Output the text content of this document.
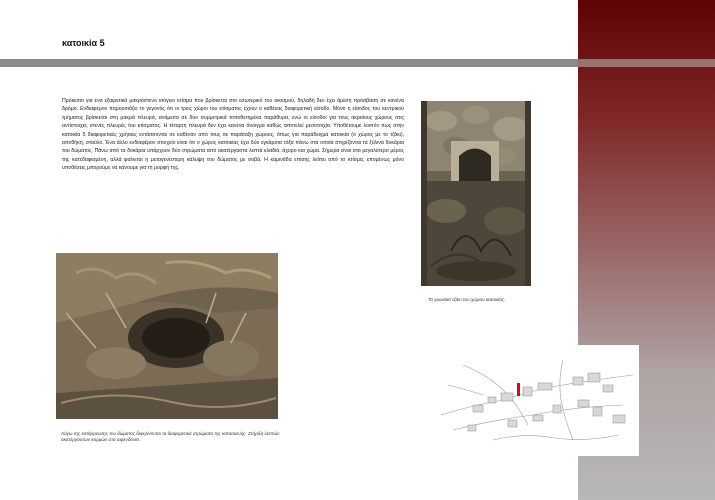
κατοικία 5

Πρόκειται για ένα εξαιρετικά μακρόστενο ισόγειο κτίσμα που βρίσκεται στο εσωτερικό του οικισμού, δηλαδή δεν έχει άμεση πρόσβαση σε κανένα δρόμο. Ενδιαφέρον παρουσιάζει το γεγονός ότι οι τρεις χώροι του κτίσματος έχουν ο καθένας διαφορετική είσοδο. Μόνο η είσοδος του κεντρικού τμήματος βρίσκεται στη μακρά πλευρά, ανάμεσα σε δύο συμμετρικά τοποθετημένα παράθυρα, ενώ οι είσοδοι για τους ακραίους χώρους στις αντίστοιχες στενές πλευρές του κτίσματος. Η τέταρτη πλευρά δεν έχει κανένα άνοιγμα καθώς αποτελεί μεσοτοιχία. Υποθέτουμε λοιπόν πως στην κατοικία 5 διαφορετικές χρήσεις εντάσσονται σε καθέναν από τους σε παράταξη χώρους, όπως για παράδειγμα κατοικία (ο χώρος με το τζάκι), αποθήκη, σταύλο. Ένα άλλο ενδιαφέρον στοιχείο είναι ότι ο χώρος κατοικίας έχει δύο εγκάρσια τόξα πάνω στα οποία στηρίζονται τα ξύλινα δοκάρια του δώματος. Πάνω από τα δοκάρια υπάρχουν δύο στρώματα από ακατέργαστα λεπτά κλαδιά, άχυρο και χώμα. Σήμερα είναι στο μεγαλύτερο μέρος της κατεδαφισμένη, αλλά φαίνεται η μεταγενέστερη κάλυψη του δώματος με σοβά. Η καμινάδα επίσης λείπει από το κτίσμα, επομένως μόνο υποθέσεις μπορούμε να κάνουμε για τη μορφή της.

Το γωνιακό τζάκι του χώρου κατοικίας.

Λόγω της κατάρρευσης του δώματος διακρίνονται τα διαφορετικά στρώματα της κατασκευής. Στήριξη λεπτών ακατέργαστων κορμών στα σιφενδόνια.
